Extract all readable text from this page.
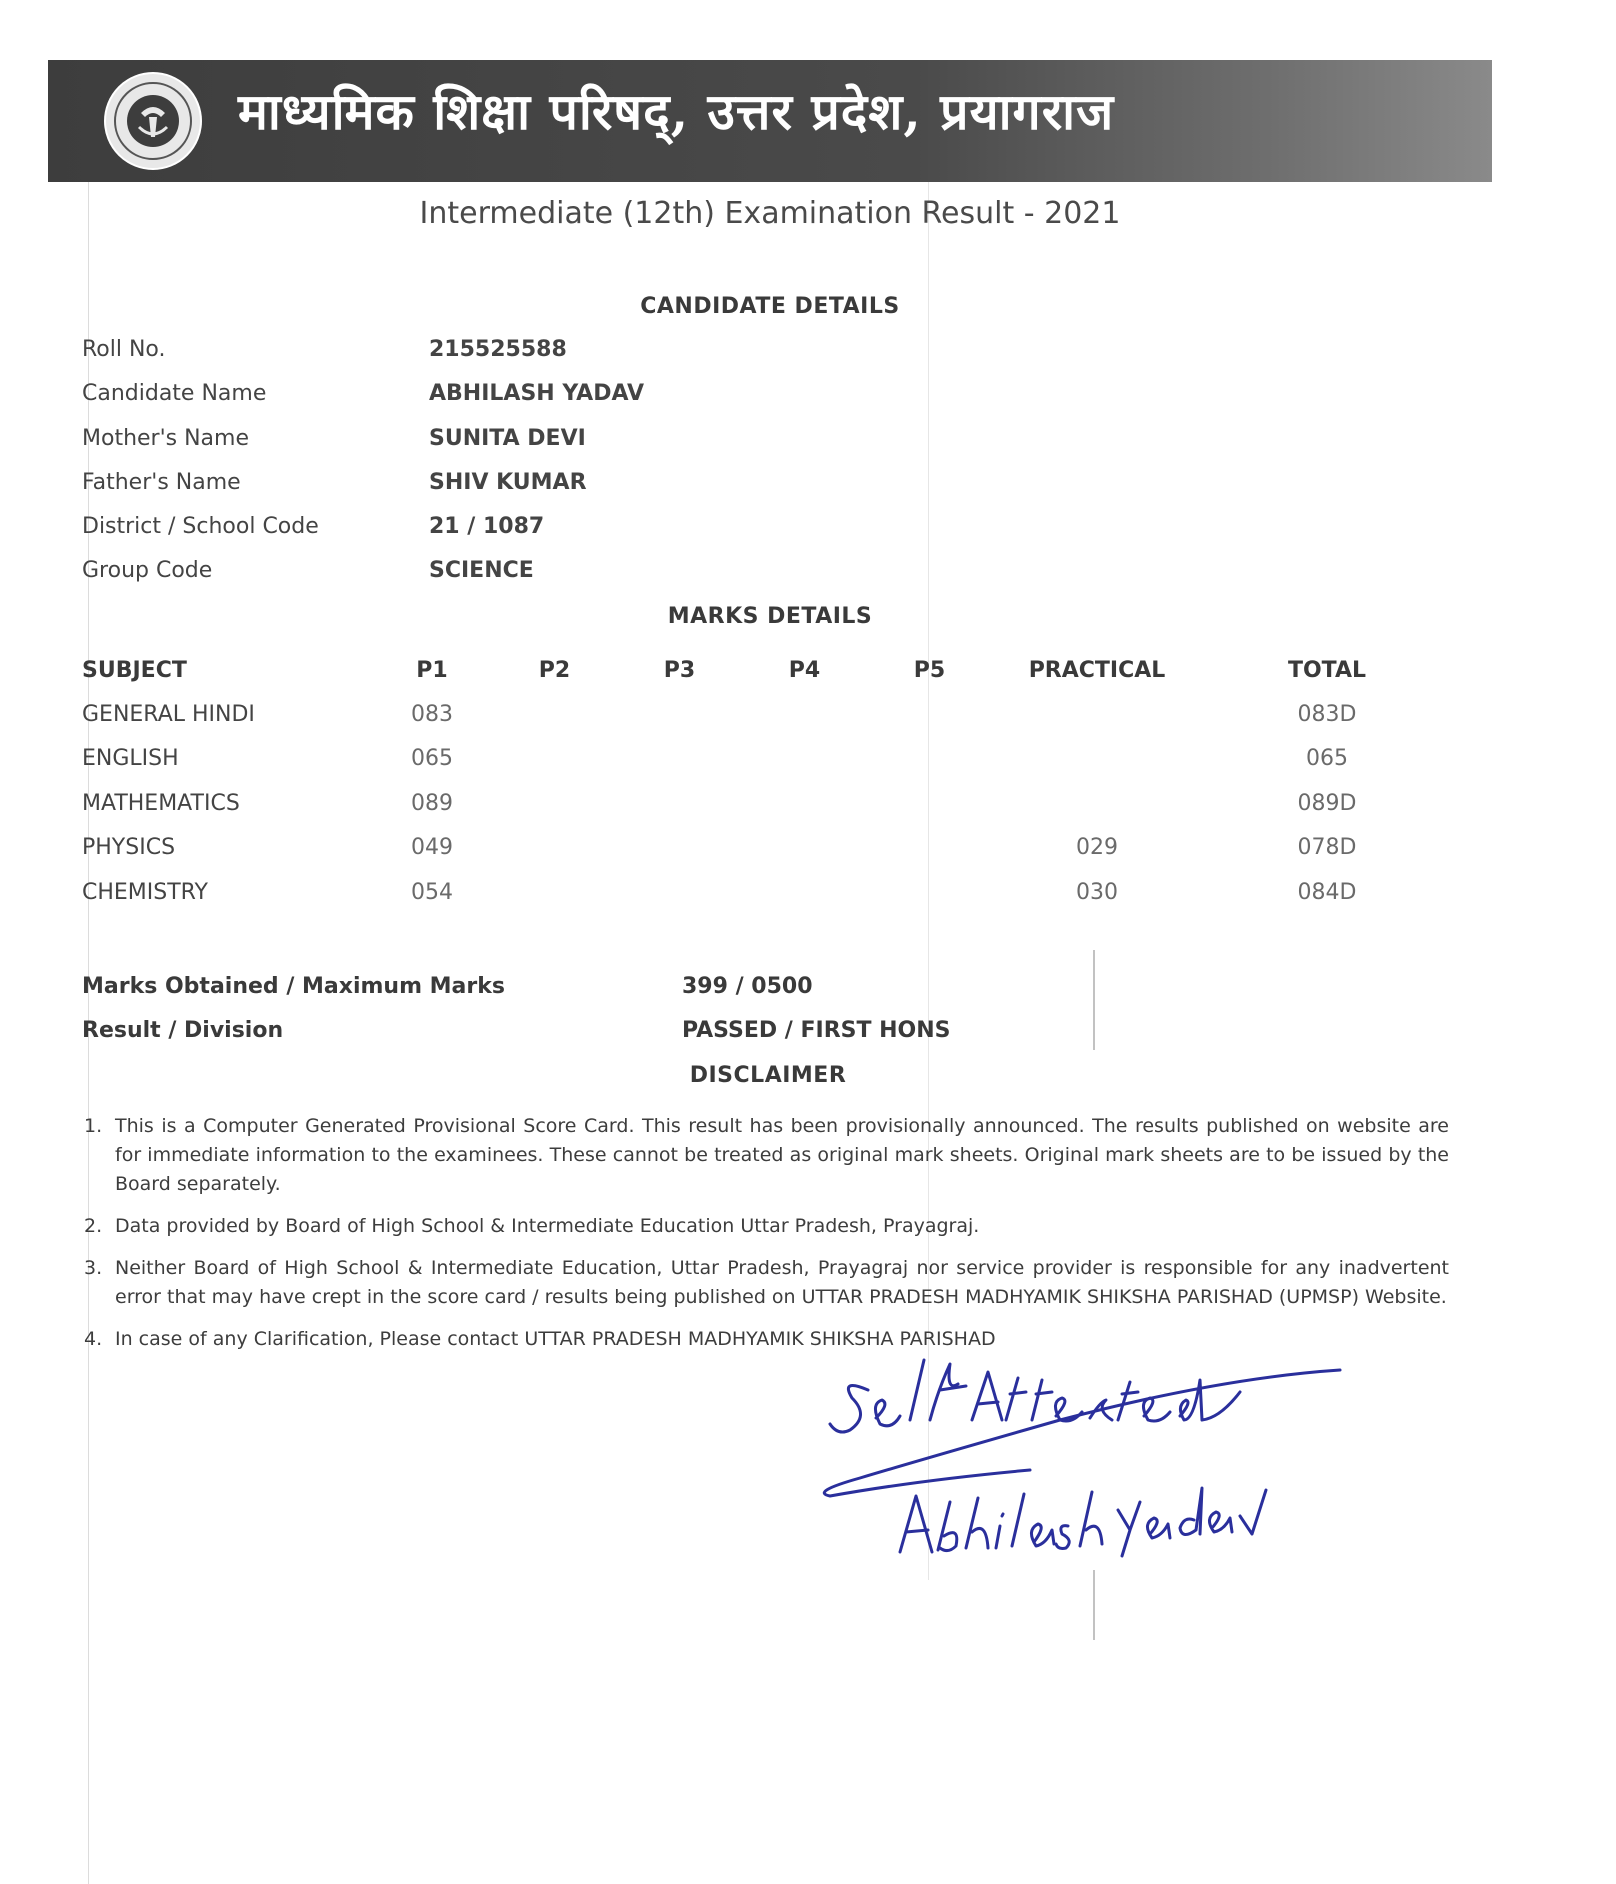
माध्यमिक शिक्षा परिषद्, उत्तर प्रदेश, प्रयागराज
Intermediate (12th) Examination Result - 2021
CANDIDATE DETAILS
Roll No.	215525588
Candidate Name	ABHILASH YADAV
Mother's Name	SUNITA DEVI
Father's Name	SHIV KUMAR
District / School Code	21 / 1087
Group Code	SCIENCE
MARKS DETAILS
SUBJECT	P1	P2	P3	P4	P5	PRACTICAL	TOTAL
GENERAL HINDI	083						083D
ENGLISH	065						065
MATHEMATICS	089						089D
PHYSICS	049					029	078D
CHEMISTRY	054					030	084D
Marks Obtained / Maximum Marks	399 / 0500
Result / Division	PASSED / FIRST HONS
DISCLAIMER
1. This is a Computer Generated Provisional Score Card. This result has been provisionally announced. The results published on website are for immediate information to the examinees. These cannot be treated as original mark sheets. Original mark sheets are to be issued by the Board separately.
2. Data provided by Board of High School & Intermediate Education Uttar Pradesh, Prayagraj.
3. Neither Board of High School & Intermediate Education, Uttar Pradesh, Prayagraj nor service provider is responsible for any inadvertent error that may have crept in the score card / results being published on UTTAR PRADESH MADHYAMIK SHIKSHA PARISHAD (UPMSP) Website.
4. In case of any Clarification, Please contact UTTAR PRADESH MADHYAMIK SHIKSHA PARISHAD
